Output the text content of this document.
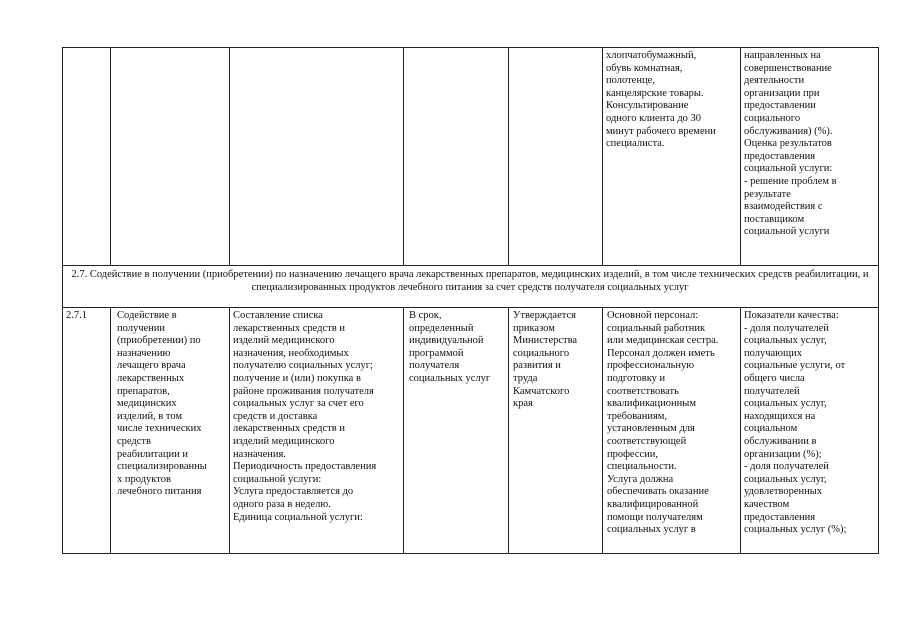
хлопчатобумажный,
обувь комнатная,
полотенце,
канцелярские товары.
Консультирование
одного клиента до 30
минут рабочего времени
специалиста.
направленных на
совершенствование
деятельности
организации при
предоставлении
социального
обслуживания) (%).
Оценка результатов
предоставления
социальной услуги:
- решение проблем в
результате
взаимодействия с
поставщиком
социальной услуги
2.7. Содействие в получении (приобретении) по назначению лечащего врача лекарственных препаратов, медицинских изделий, в том числе технических средств реабилитации, и специализированных продуктов лечебного питания за счет средств получателя социальных услуг
2.7.1	Содействие в
получении
(приобретении) по
назначению
лечащего врача
лекарственных
препаратов,
медицинских
изделий, в том
числе технических
средств
реабилитации и
специализированны
х продуктов
лечебного питания
Составление списка
лекарственных средств и
изделий медицинского
назначения, необходимых
получателю социальных услуг;
получение и (или) покупка в
районе проживания получателя
социальных услуг за счет его
средств и доставка
лекарственных средств и
изделий медицинского
назначения.
Периодичность предоставления
социальной услуги:
Услуга предоставляется до
одного раза в неделю.
Единица социальной услуги:
В срок,
определенный
индивидуальной
программой
получателя
социальных услуг
Утверждается
приказом
Министерства
социального
развития и
труда
Камчатского
края
Основной персонал:
социальный работник
или медицинская сестра.
Персонал должен иметь
профессиональную
подготовку и
соответствовать
квалификационным
требованиям,
установленным для
соответствующей
профессии,
специальности.
Услуга должна
обеспечивать оказание
квалифицированной
помощи получателям
социальных услуг в
Показатели качества:
- доля получателей
социальных услуг,
получающих
социальные услуги, от
общего числа
получателей
социальных услуг,
находящихся на
социальном
обслуживании в
организации (%);
- доля получателей
социальных услуг,
удовлетворенных
качеством
предоставления
социальных услуг (%);
